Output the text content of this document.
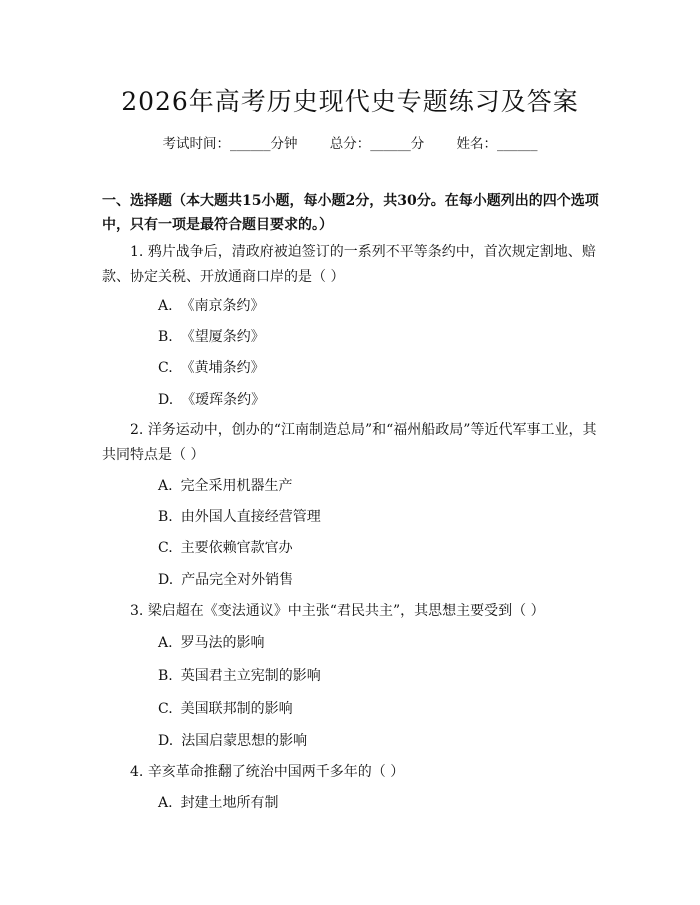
2026年高考历史现代史专题练习及答案
考试时间：______分钟 总分：______分 姓名：______

一、选择题（本大题共15小题，每小题2分，共30分。在每小题列出的四个选项中，只有一项是最符合题目要求的。）

1. 鸦片战争后，清政府被迫签订的一系列不平等条约中，首次规定割地、赔款、协定关税、开放通商口岸的是（ ）

A. 《南京条约》

B. 《望厦条约》

C. 《黄埔条约》

D. 《瑷珲条约》

2. 洋务运动中，创办的“江南制造总局”和“福州船政局”等近代军事工业，其共同特点是（ ）

A. 完全采用机器生产

B. 由外国人直接经营管理

C. 主要依赖官款官办

D. 产品完全对外销售

3. 梁启超在《变法通议》中主张“君民共主”，其思想主要受到（ ）

A. 罗马法的影响

B. 英国君主立宪制的影响

C. 美国联邦制的影响

D. 法国启蒙思想的影响

4. 辛亥革命推翻了统治中国两千多年的（ ）

A. 封建土地所有制
